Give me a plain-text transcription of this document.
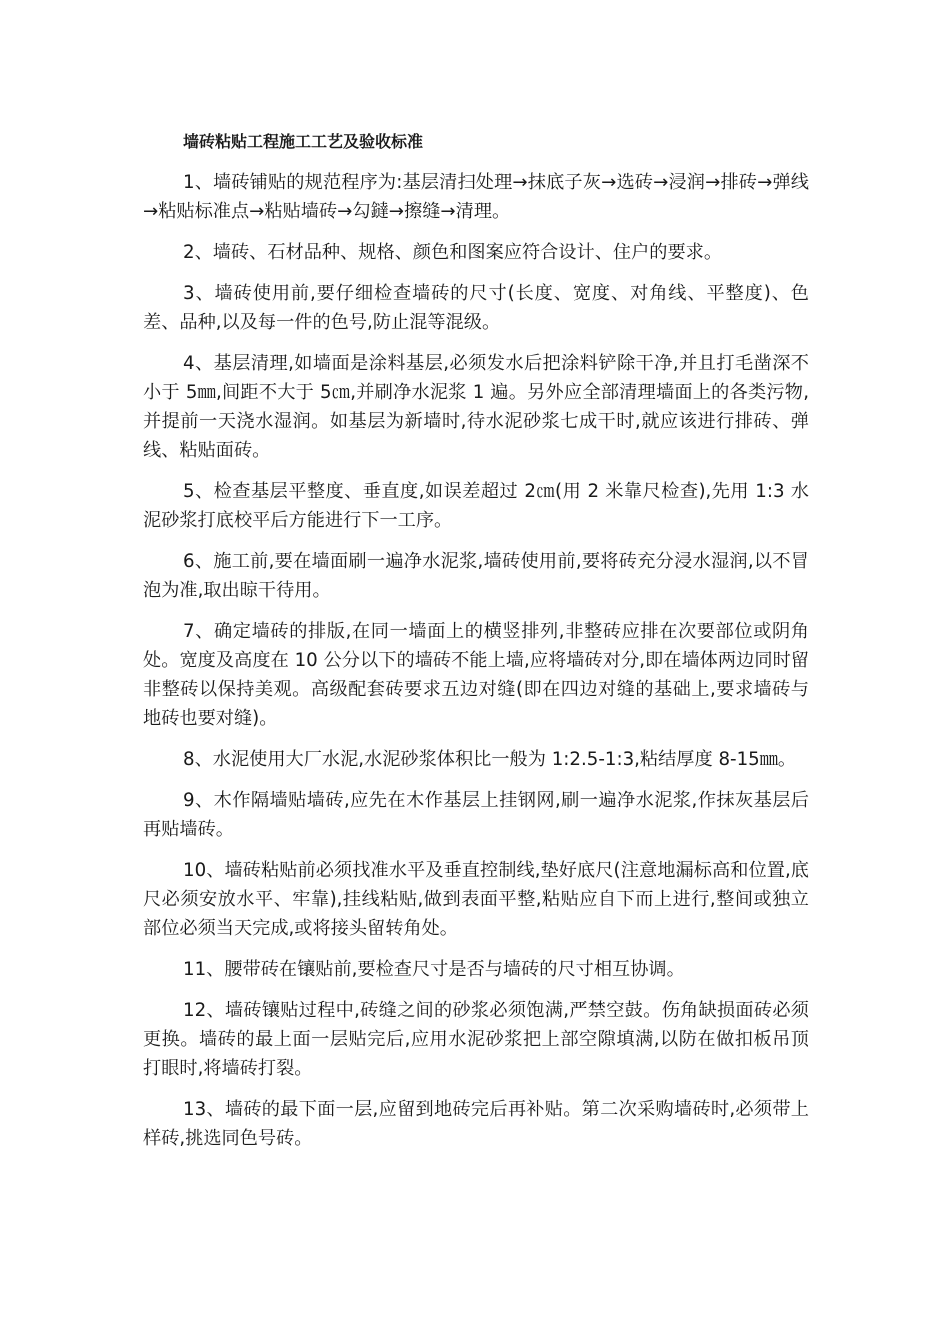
墙砖粘贴工程施工工艺及验收标准

1、墙砖铺贴的规范程序为:基层清扫处理→抹底子灰→选砖→浸润→排砖→弹线→粘贴标准点→粘贴墙砖→勾鐽→擦缝→清理。

2、墙砖、石材品种、规格、颜色和图案应符合设计、住户的要求。

3、墙砖使用前,要仔细检查墙砖的尺寸(长度、宽度、对角线、平整度)、色差、品种,以及每一件的色号,防止混等混级。

4、基层清理,如墙面是涂料基层,必须发水后把涂料铲除干净,并且打毛凿深不小于 5㎜,间距不大于 5㎝,并刷净水泥浆 1 遍。另外应全部清理墙面上的各类污物,并提前一天浇水湿润。如基层为新墙时,待水泥砂浆七成干时,就应该进行排砖、弹线、粘贴面砖。

5、检查基层平整度、垂直度,如误差超过 2㎝(用 2 米靠尺检查),先用 1:3 水泥砂浆打底校平后方能进行下一工序。

6、施工前,要在墙面刷一遍净水泥浆,墙砖使用前,要将砖充分浸水湿润,以不冒泡为准,取出晾干待用。

7、确定墙砖的排版,在同一墙面上的横竖排列,非整砖应排在次要部位或阴角处。宽度及高度在 10 公分以下的墙砖不能上墙,应将墙砖对分,即在墙体两边同时留非整砖以保持美观。高级配套砖要求五边对缝(即在四边对缝的基础上,要求墙砖与地砖也要对缝)。

8、水泥使用大厂水泥,水泥砂浆体积比一般为 1:2.5-1:3,粘结厚度 8-15㎜。

9、木作隔墙贴墙砖,应先在木作基层上挂钢网,刷一遍净水泥浆,作抹灰基层后再贴墙砖。

10、墙砖粘贴前必须找准水平及垂直控制线,垫好底尺(注意地漏标高和位置,底尺必须安放水平、牢靠),挂线粘贴,做到表面平整,粘贴应自下而上进行,整间或独立部位必须当天完成,或将接头留转角处。

11、腰带砖在镶贴前,要检查尺寸是否与墙砖的尺寸相互协调。

12、墙砖镶贴过程中,砖缝之间的砂浆必须饱满,严禁空鼓。伤角缺损面砖必须更换。墙砖的最上面一层贴完后,应用水泥砂浆把上部空隙填满,以防在做扣板吊顶打眼时,将墙砖打裂。

13、墙砖的最下面一层,应留到地砖完后再补贴。第二次采购墙砖时,必须带上样砖,挑选同色号砖。
